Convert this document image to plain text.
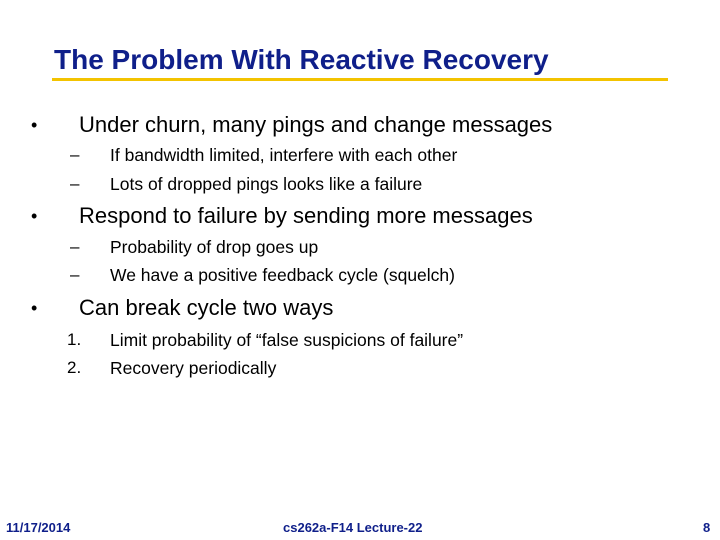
The Problem With Reactive Recovery
• Under churn, many pings and change messages
– If bandwidth limited, interfere with each other
– Lots of dropped pings looks like a failure
• Respond to failure by sending more messages
– Probability of drop goes up
– We have a positive feedback cycle (squelch)
• Can break cycle two ways
1. Limit probability of “false suspicions of failure”
2. Recovery periodically
11/17/2014	cs262a-F14 Lecture-22	8
